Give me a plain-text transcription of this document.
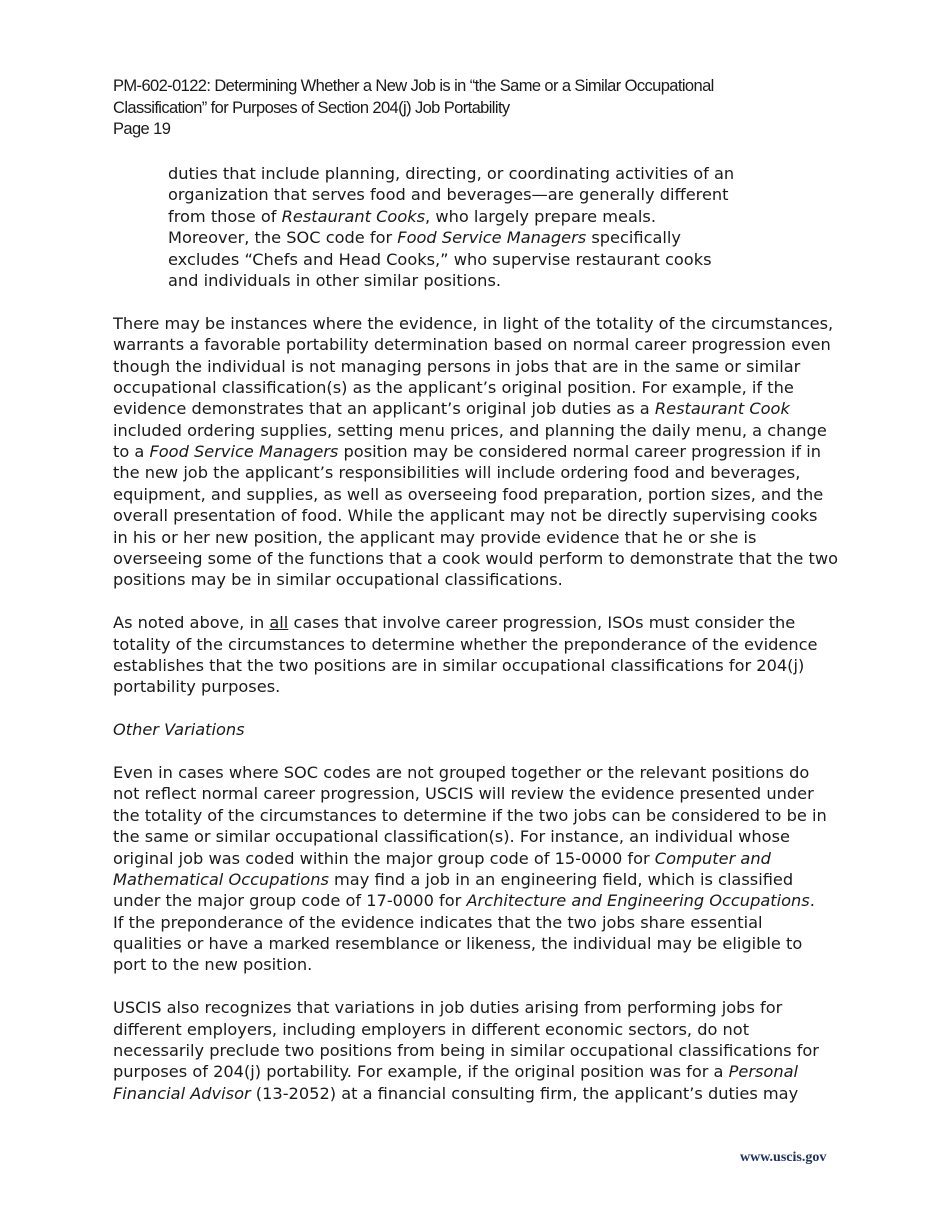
PM-602-0122: Determining Whether a New Job is in “the Same or a Similar Occupational
Classification” for Purposes of Section 204(j) Job Portability
Page 19
duties that include planning, directing, or coordinating activities of an
organization that serves food and beverages—are generally different
from those of Restaurant Cooks, who largely prepare meals.
Moreover, the SOC code for Food Service Managers specifically
excludes “Chefs and Head Cooks,” who supervise restaurant cooks
and individuals in other similar positions.
There may be instances where the evidence, in light of the totality of the circumstances,
warrants a favorable portability determination based on normal career progression even
though the individual is not managing persons in jobs that are in the same or similar
occupational classification(s) as the applicant’s original position. For example, if the
evidence demonstrates that an applicant’s original job duties as a Restaurant Cook
included ordering supplies, setting menu prices, and planning the daily menu, a change
to a Food Service Managers position may be considered normal career progression if in
the new job the applicant’s responsibilities will include ordering food and beverages,
equipment, and supplies, as well as overseeing food preparation, portion sizes, and the
overall presentation of food. While the applicant may not be directly supervising cooks
in his or her new position, the applicant may provide evidence that he or she is
overseeing some of the functions that a cook would perform to demonstrate that the two
positions may be in similar occupational classifications.
As noted above, in all cases that involve career progression, ISOs must consider the
totality of the circumstances to determine whether the preponderance of the evidence
establishes that the two positions are in similar occupational classifications for 204(j)
portability purposes.
Other Variations
Even in cases where SOC codes are not grouped together or the relevant positions do
not reflect normal career progression, USCIS will review the evidence presented under
the totality of the circumstances to determine if the two jobs can be considered to be in
the same or similar occupational classification(s). For instance, an individual whose
original job was coded within the major group code of 15-0000 for Computer and
Mathematical Occupations may find a job in an engineering field, which is classified
under the major group code of 17-0000 for Architecture and Engineering Occupations.
If the preponderance of the evidence indicates that the two jobs share essential
qualities or have a marked resemblance or likeness, the individual may be eligible to
port to the new position.
USCIS also recognizes that variations in job duties arising from performing jobs for
different employers, including employers in different economic sectors, do not
necessarily preclude two positions from being in similar occupational classifications for
purposes of 204(j) portability. For example, if the original position was for a Personal
Financial Advisor (13-2052) at a financial consulting firm, the applicant’s duties may
www.uscis.gov
